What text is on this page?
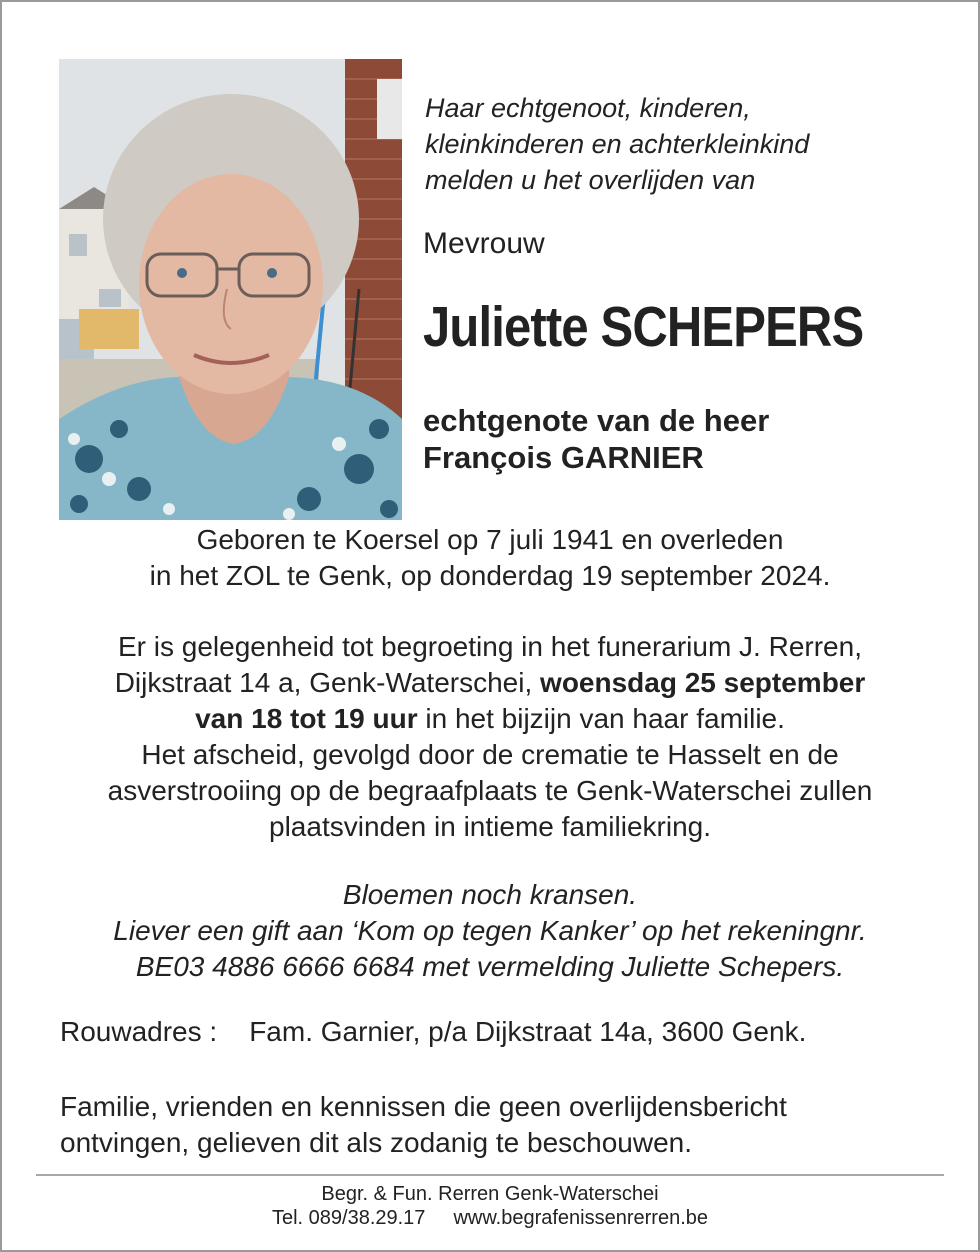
Haar echtgenoot, kinderen,
kleinkinderen en achterkleinkind
melden u het overlijden van
Mevrouw
Juliette SCHEPERS
echtgenote van de heer
François GARNIER
Geboren te Koersel op 7 juli 1941 en overleden
in het ZOL te Genk, op donderdag 19 september 2024.
Er is gelegenheid tot begroeting in het funerarium J. Rerren,
Dijkstraat 14 a, Genk-Waterschei, woensdag 25 september
van 18 tot 19 uur in het bijzijn van haar familie.
Het afscheid, gevolgd door de crematie te Hasselt en de
asverstrooiing op de begraafplaats te Genk-Waterschei zullen
plaatsvinden in intieme familiekring.
Bloemen noch kransen.
Liever een gift aan ‘Kom op tegen Kanker’ op het rekeningnr.
BE03 4886 6666 6684 met vermelding Juliette Schepers.
Rouwadres : Fam. Garnier, p/a Dijkstraat 14a, 3600 Genk.
Familie, vrienden en kennissen die geen overlijdensbericht
ontvingen, gelieven dit als zodanig te beschouwen.
Begr. & Fun. Rerren Genk-Waterschei
Tel. 089/38.29.17 www.begrafenissenrerren.be
